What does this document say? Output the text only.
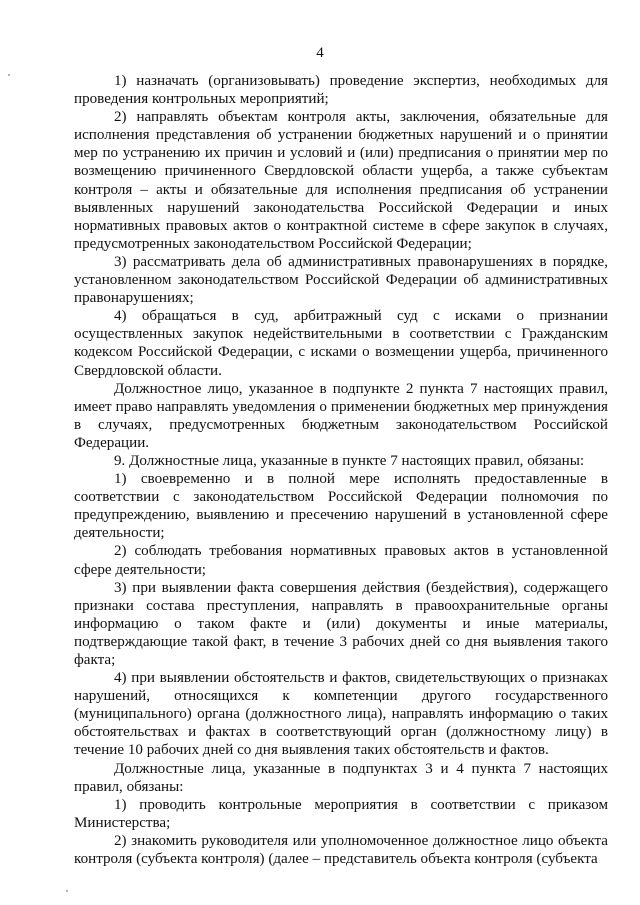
4

1) назначать (организовывать) проведение экспертиз, необходимых для проведения контрольных мероприятий;

2) направлять объектам контроля акты, заключения, обязательные для исполнения представления об устранении бюджетных нарушений и о принятии мер по устранению их причин и условий и (или) предписания о принятии мер по возмещению причиненного Свердловской области ущерба, а также субъектам контроля – акты и обязательные для исполнения предписания об устранении выявленных нарушений законодательства Российской Федерации и иных нормативных правовых актов о контрактной системе в сфере закупок в случаях, предусмотренных законодательством Российской Федерации;

3) рассматривать дела об административных правонарушениях в порядке, установленном законодательством Российской Федерации об административных правонарушениях;

4) обращаться в суд, арбитражный суд с исками о признании осуществленных закупок недействительными в соответствии с Гражданским кодексом Российской Федерации, с исками о возмещении ущерба, причиненного Свердловской области.

Должностное лицо, указанное в подпункте 2 пункта 7 настоящих правил, имеет право направлять уведомления о применении бюджетных мер принуждения в случаях, предусмотренных бюджетным законодательством Российской Федерации.

9. Должностные лица, указанные в пункте 7 настоящих правил, обязаны:

1) своевременно и в полной мере исполнять предоставленные в соответствии с законодательством Российской Федерации полномочия по предупреждению, выявлению и пресечению нарушений в установленной сфере деятельности;

2) соблюдать требования нормативных правовых актов в установленной сфере деятельности;

3) при выявлении факта совершения действия (бездействия), содержащего признаки состава преступления, направлять в правоохранительные органы информацию о таком факте и (или) документы и иные материалы, подтверждающие такой факт, в течение 3 рабочих дней со дня выявления такого факта;

4) при выявлении обстоятельств и фактов, свидетельствующих о признаках нарушений, относящихся к компетенции другого государственного (муниципального) органа (должностного лица), направлять информацию о таких обстоятельствах и фактах в соответствующий орган (должностному лицу) в течение 10 рабочих дней со дня выявления таких обстоятельств и фактов.

Должностные лица, указанные в подпунктах 3 и 4 пункта 7 настоящих правил, обязаны:

1) проводить контрольные мероприятия в соответствии с приказом Министерства;

2) знакомить руководителя или уполномоченное должностное лицо объекта контроля (субъекта контроля) (далее – представитель объекта контроля (субъекта
